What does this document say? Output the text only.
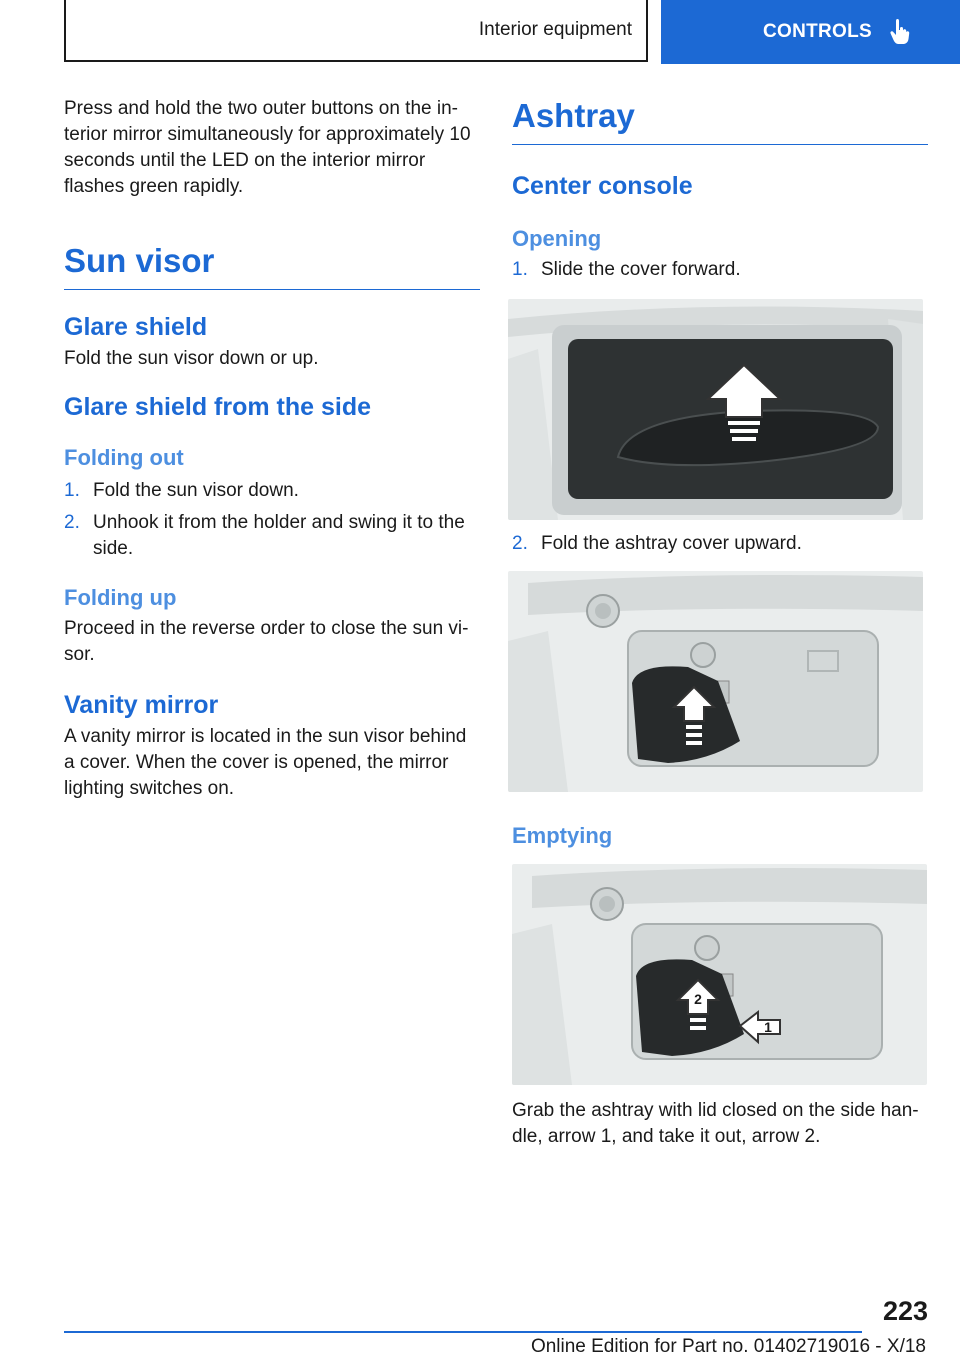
Interior equipment	CONTROLS

Press and hold the two outer buttons on the interior mirror simultaneously for approximately 10 seconds until the LED on the interior mirror flashes green rapidly.

Sun visor
Glare shield

Fold the sun visor down or up.

Glare shield from the side
Folding out
1. Fold the sun visor down.
2. Unhook it from the holder and swing it to the side.
Folding up

Proceed in the reverse order to close the sun visor.

Vanity mirror

A vanity mirror is located in the sun visor behind a cover. When the cover is opened, the mirror lighting switches on.

Ashtray
Center console
Opening
1. Slide the cover forward.
2. Fold the ashtray cover upward.
Emptying
2
1

Grab the ashtray with lid closed on the side handle, arrow 1, and take it out, arrow 2.

223
Online Edition for Part no. 01402719016 - X/18
